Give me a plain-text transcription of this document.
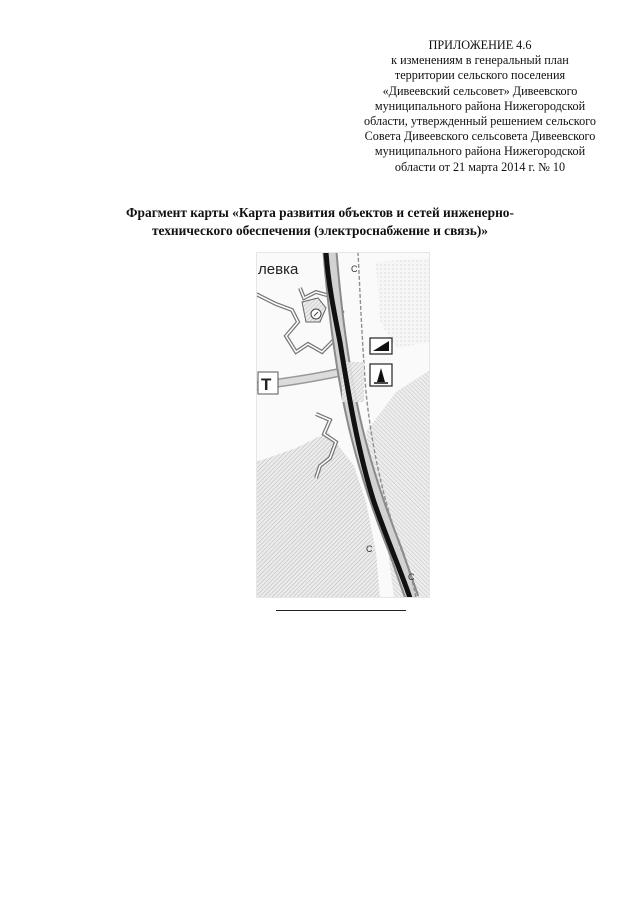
ПРИЛОЖЕНИЕ 4.6
к изменениям в генеральный план
территории сельского поселения
«Дивеевский сельсовет» Дивеевского
муниципального района Нижегородской
области, утвержденный решением сельского
Совета Дивеевского сельсовета Дивеевского
муниципального района Нижегородской
области от 21 марта 2014 г. № 10
Фрагмент карты «Карта развития объектов и сетей инженерно-
технического обеспечения (электроснабжение и связь)»
левка
Т
С
С
С
